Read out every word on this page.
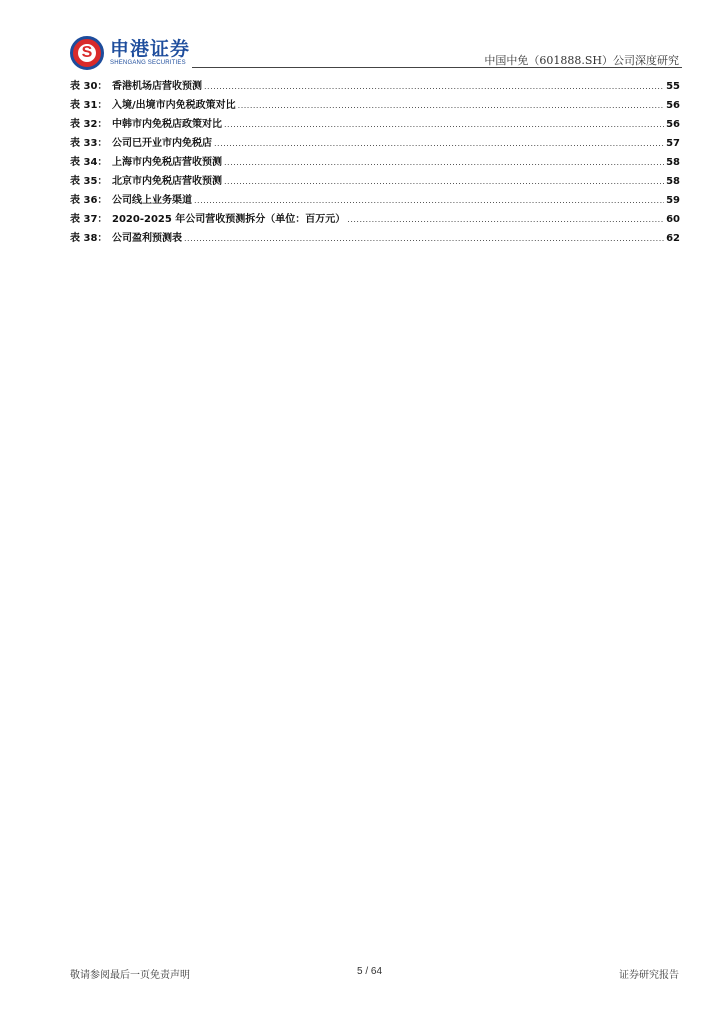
S 申港证券
SHENGANG SECURITIES	中国中免（601888.SH）公司深度研究
表 30： 香港机场店营收预测 .....	55
表 31： 入境/出境市内免税政策对比 .....	56
表 32： 中韩市内免税店政策对比 .....	56
表 33： 公司已开业市内免税店 .....	57
表 34： 上海市内免税店营收预测 .....	58
表 35： 北京市内免税店营收预测 .....	58
表 36： 公司线上业务渠道 .....	59
表 37： 2020-2025 年公司营收预测拆分（单位：百万元） .....	60
表 38： 公司盈利预测表 .....	62
敬请参阅最后一页免责声明	5 / 64	证券研究报告
